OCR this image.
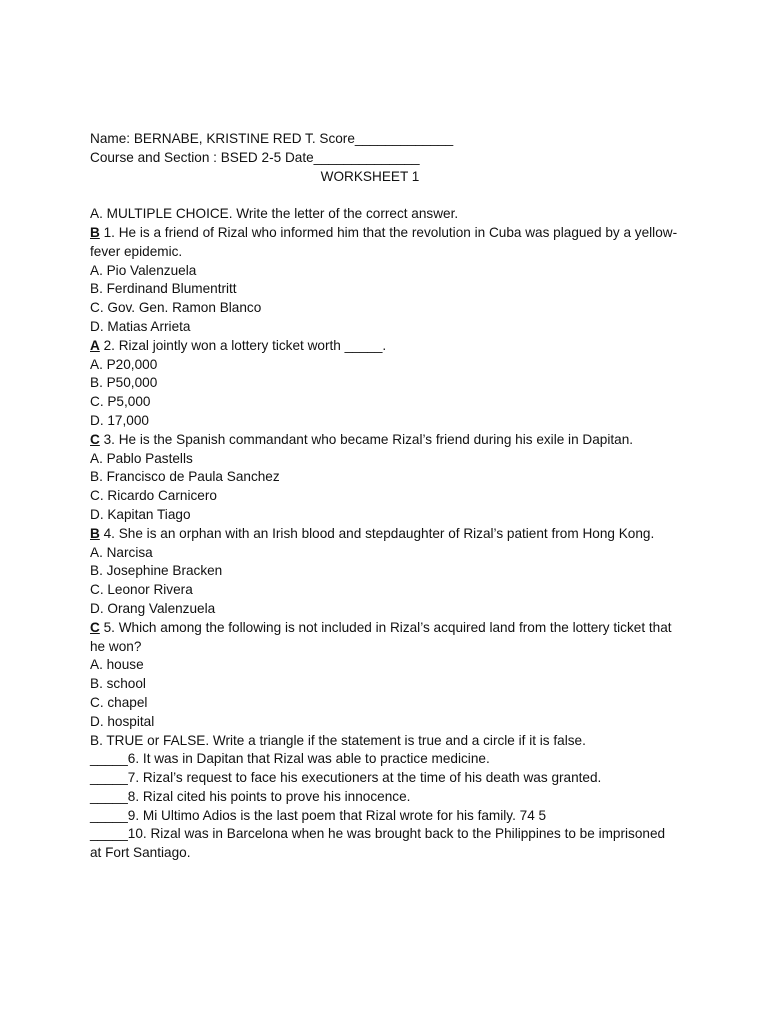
Name: BERNABE, KRISTINE RED T. Score_____________
Course and Section : BSED 2-5 Date______________
WORKSHEET 1
A. MULTIPLE CHOICE. Write the letter of the correct answer.
B 1. He is a friend of Rizal who informed him that the revolution in Cuba was plagued by a yellow-fever epidemic.
A. Pio Valenzuela
B. Ferdinand Blumentritt
C. Gov. Gen. Ramon Blanco
D. Matias Arrieta
A 2. Rizal jointly won a lottery ticket worth _____.
A. P20,000
B. P50,000
C. P5,000
D. 17,000
C 3. He is the Spanish commandant who became Rizal’s friend during his exile in Dapitan.
A. Pablo Pastells
B. Francisco de Paula Sanchez
C. Ricardo Carnicero
D. Kapitan Tiago
B 4. She is an orphan with an Irish blood and stepdaughter of Rizal’s patient from Hong Kong.
A. Narcisa
B. Josephine Bracken
C. Leonor Rivera
D. Orang Valenzuela
C 5. Which among the following is not included in Rizal’s acquired land from the lottery ticket that he won?
A. house
B. school
C. chapel
D. hospital
B. TRUE or FALSE. Write a triangle if the statement is true and a circle if it is false.
_____6. It was in Dapitan that Rizal was able to practice medicine.
_____7. Rizal’s request to face his executioners at the time of his death was granted.
_____8. Rizal cited his points to prove his innocence.
_____9. Mi Ultimo Adios is the last poem that Rizal wrote for his family. 74 5
_____10. Rizal was in Barcelona when he was brought back to the Philippines to be imprisoned at Fort Santiago.
